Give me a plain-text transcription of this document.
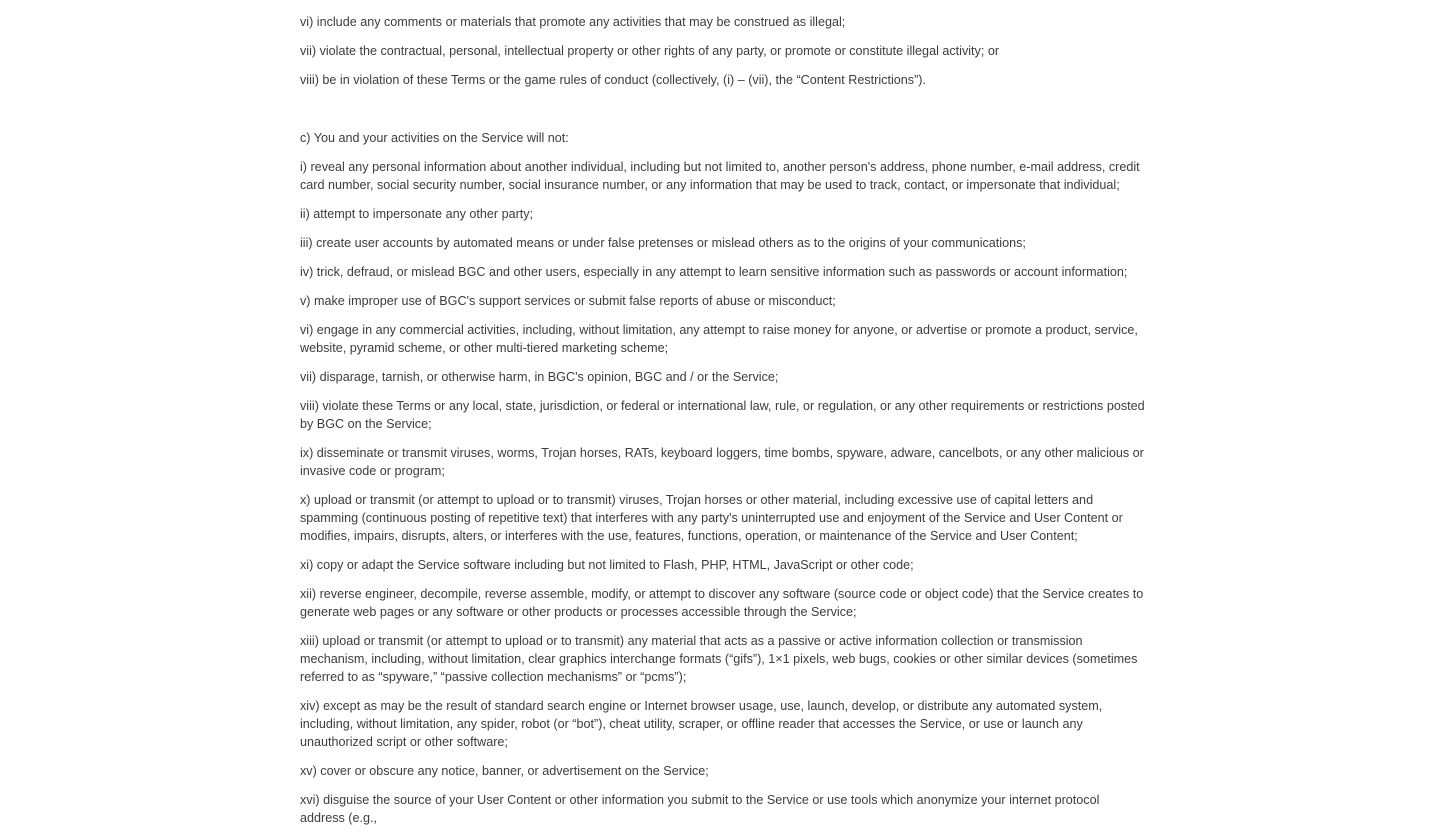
vi) include any comments or materials that promote any activities that may be construed as illegal;

vii) violate the contractual, personal, intellectual property or other rights of any party, or promote or constitute illegal activity; or

viii) be in violation of these Terms or the game rules of conduct (collectively, (i) – (vii), the “Content Restrictions”).

c) You and your activities on the Service will not:

i) reveal any personal information about another individual, including but not limited to, another person's address, phone number, e-mail address, credit card number, social security number, social insurance number, or any information that may be used to track, contact, or impersonate that individual;

ii) attempt to impersonate any other party;

iii) create user accounts by automated means or under false pretenses or mislead others as to the origins of your communications;

iv) trick, defraud, or mislead BGC and other users, especially in any attempt to learn sensitive information such as passwords or account information;

v) make improper use of BGC's support services or submit false reports of abuse or misconduct;

vi) engage in any commercial activities, including, without limitation, any attempt to raise money for anyone, or advertise or promote a product, service, website, pyramid scheme, or other multi-tiered marketing scheme;

vii) disparage, tarnish, or otherwise harm, in BGC's opinion, BGC and / or the Service;

viii) violate these Terms or any local, state, jurisdiction, or federal or international law, rule, or regulation, or any other requirements or restrictions posted by BGC on the Service;

ix) disseminate or transmit viruses, worms, Trojan horses, RATs, keyboard loggers, time bombs, spyware, adware, cancelbots, or any other malicious or invasive code or program;

x) upload or transmit (or attempt to upload or to transmit) viruses, Trojan horses or other material, including excessive use of capital letters and spamming (continuous posting of repetitive text) that interferes with any party's uninterrupted use and enjoyment of the Service and User Content or modifies, impairs, disrupts, alters, or interferes with the use, features, functions, operation, or maintenance of the Service and User Content;

xi) copy or adapt the Service software including but not limited to Flash, PHP, HTML, JavaScript or other code;

xii) reverse engineer, decompile, reverse assemble, modify, or attempt to discover any software (source code or object code) that the Service creates to generate web pages or any software or other products or processes accessible through the Service;

xiii) upload or transmit (or attempt to upload or to transmit) any material that acts as a passive or active information collection or transmission mechanism, including, without limitation, clear graphics interchange formats (“gifs”), 1×1 pixels, web bugs, cookies or other similar devices (sometimes referred to as “spyware,” “passive collection mechanisms” or “pcms”);

xiv) except as may be the result of standard search engine or Internet browser usage, use, launch, develop, or distribute any automated system, including, without limitation, any spider, robot (or “bot”), cheat utility, scraper, or offline reader that accesses the Service, or use or launch any unauthorized script or other software;

xv) cover or obscure any notice, banner, or advertisement on the Service;

xvi) disguise the source of your User Content or other information you submit to the Service or use tools which anonymize your internet protocol address (e.g.,
